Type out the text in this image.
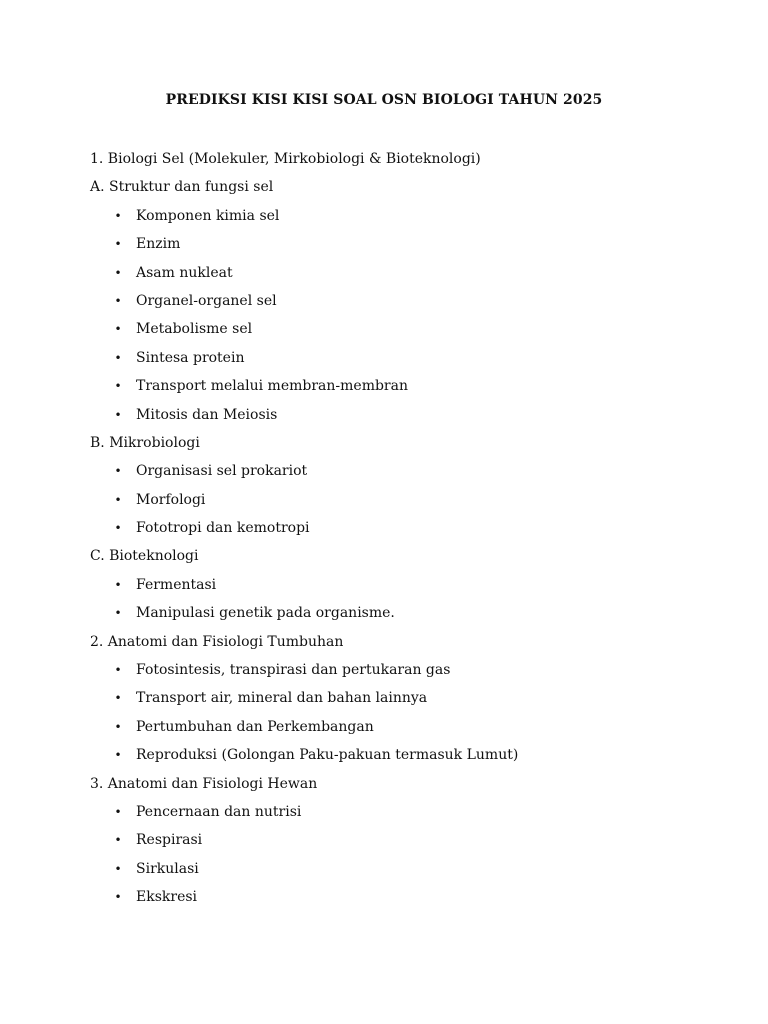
PREDIKSI KISI KISI SOAL OSN BIOLOGI TAHUN 2025
1. Biologi Sel (Molekuler, Mirkobiologi & Bioteknologi)
A. Struktur dan fungsi sel
• Komponen kimia sel
• Enzim
• Asam nukleat
• Organel-organel sel
• Metabolisme sel
• Sintesa protein
• Transport melalui membran-membran
• Mitosis dan Meiosis
B. Mikrobiologi
• Organisasi sel prokariot
• Morfologi
• Fototropi dan kemotropi
C. Bioteknologi
• Fermentasi
• Manipulasi genetik pada organisme.
2. Anatomi dan Fisiologi Tumbuhan
• Fotosintesis, transpirasi dan pertukaran gas
• Transport air, mineral dan bahan lainnya
• Pertumbuhan dan Perkembangan
• Reproduksi (Golongan Paku-pakuan termasuk Lumut)
3. Anatomi dan Fisiologi Hewan
• Pencernaan dan nutrisi
• Respirasi
• Sirkulasi
• Ekskresi
